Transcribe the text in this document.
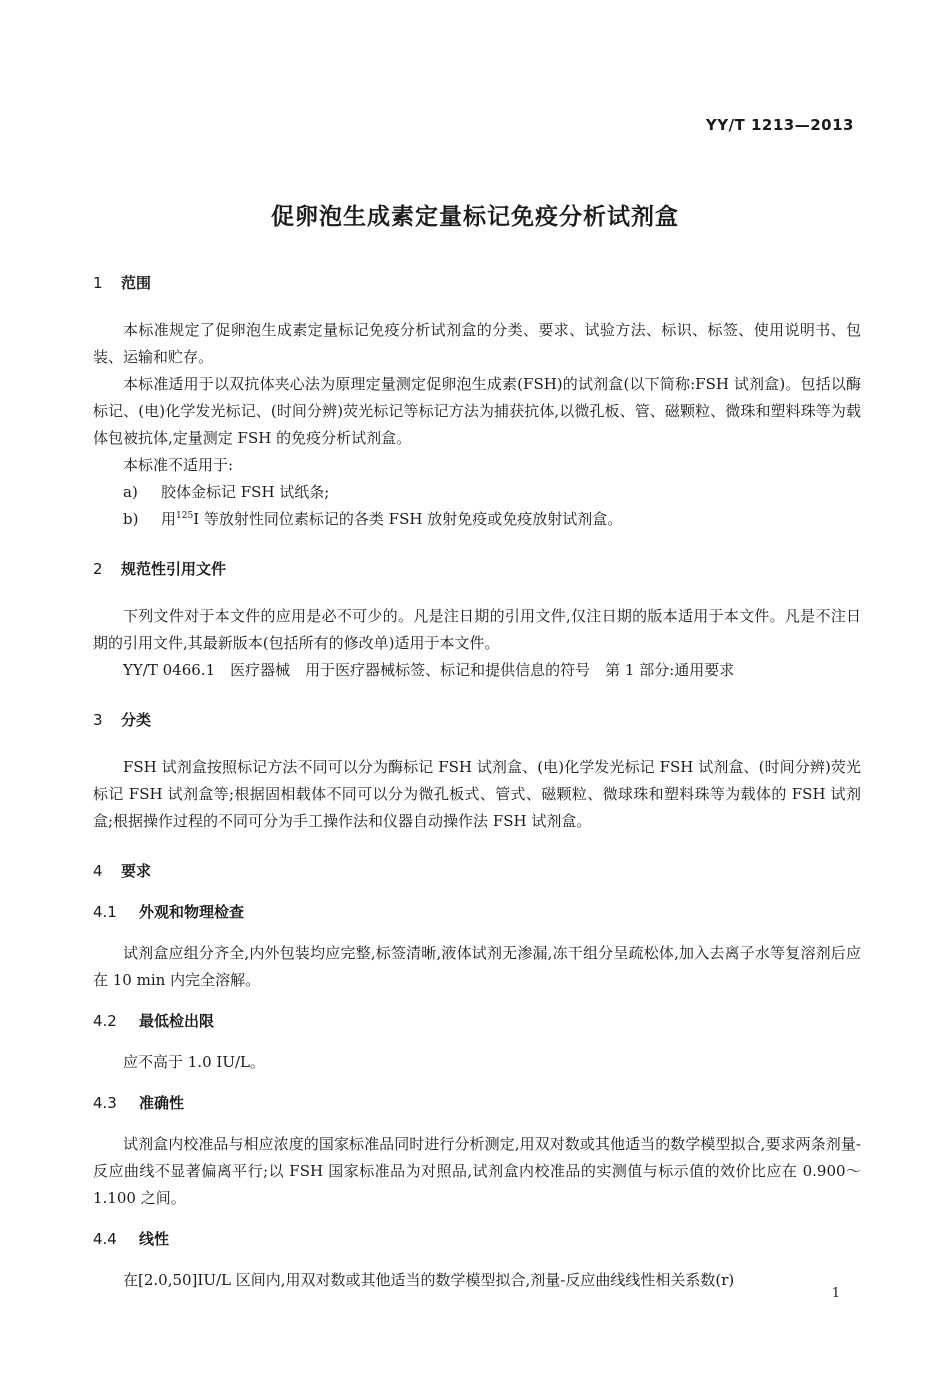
YY/T 1213—2013
促卵泡生成素定量标记免疫分析试剂盒
1 范围

本标准规定了促卵泡生成素定量标记免疫分析试剂盒的分类、要求、试验方法、标识、标签、使用说明书、包装、运输和贮存。

本标准适用于以双抗体夹心法为原理定量测定促卵泡生成素(FSH)的试剂盒(以下简称:FSH 试剂盒)。包括以酶标记、(电)化学发光标记、(时间分辨)荧光标记等标记方法为捕获抗体,以微孔板、管、磁颗粒、微珠和塑料珠等为载体包被抗体,定量测定 FSH 的免疫分析试剂盒。

本标准不适用于:

a) 胶体金标记 FSH 试纸条;
b) 用$^{125}$I 等放射性同位素标记的各类 FSH 放射免疫或免疫放射试剂盒。
2 规范性引用文件

下列文件对于本文件的应用是必不可少的。凡是注日期的引用文件,仅注日期的版本适用于本文件。凡是不注日期的引用文件,其最新版本(包括所有的修改单)适用于本文件。

YY/T 0466.1　医疗器械　用于医疗器械标签、标记和提供信息的符号　第 1 部分:通用要求
3 分类

FSH 试剂盒按照标记方法不同可以分为酶标记 FSH 试剂盒、(电)化学发光标记 FSH 试剂盒、(时间分辨)荧光标记 FSH 试剂盒等;根据固相载体不同可以分为微孔板式、管式、磁颗粒、微球珠和塑料珠等为载体的 FSH 试剂盒;根据操作过程的不同可分为手工操作法和仪器自动操作法 FSH 试剂盒。

4 要求
4.1 外观和物理检查

试剂盒应组分齐全,内外包装均应完整,标签清晰,液体试剂无渗漏,冻干组分呈疏松体,加入去离子水等复溶剂后应在 10 min 内完全溶解。

4.2 最低检出限

应不高于 1.0 IU/L。

4.3 准确性

试剂盒内校准品与相应浓度的国家标准品同时进行分析测定,用双对数或其他适当的数学模型拟合,要求两条剂量-反应曲线不显著偏离平行;以 FSH 国家标准品为对照品,试剂盒内校准品的实测值与标示值的效价比应在 0.900～1.100 之间。

4.4 线性

在[2.0,50]IU/L 区间内,用双对数或其他适当的数学模型拟合,剂量-反应曲线线性相关系数(r)

1
